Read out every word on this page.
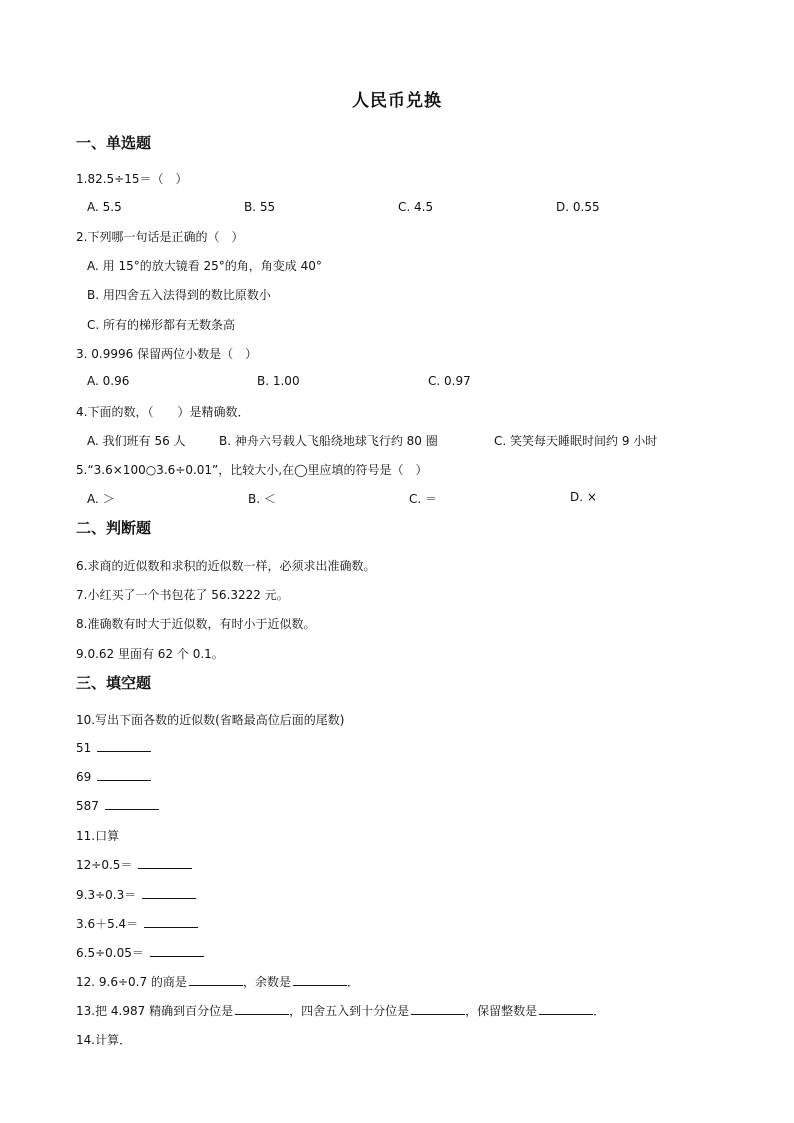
人民币兑换
一、单选题
1.82.5÷15＝（　）
A. 5.5	B. 55	C. 4.5	D. 0.55
2.下列哪一句话是正确的（　）
A. 用 15°的放大镜看 25°的角，角变成 40°
B. 用四舍五入法得到的数比原数小
C. 所有的梯形都有无数条高
3. 0.9996 保留两位小数是（　）
A. 0.96	B. 1.00	C. 0.97
4.下面的数，（　　）是精确数．
A. 我们班有 56 人	B. 神舟六号载人飞船绕地球飞行约 80 圈	C. 笑笑每天睡眠时间约 9 小时
5.“3.6×100○3.6÷0.01”，比较大小,在◯里应填的符号是（　）
A. ＞	B. ＜	C. ＝	D. ×
二、判断题
6.求商的近似数和求积的近似数一样，必须求出准确数。
7.小红买了一个书包花了 56.3222 元。
8.准确数有时大于近似数，有时小于近似数。
9.0.62 里面有 62 个 0.1。
三、填空题
10.写出下面各数的近似数(省略最高位后面的尾数)
51
69
587
11.口算
12÷0.5＝
9.3÷0.3＝
3.6＋5.4＝
6.5÷0.05＝
12. 9.6÷0.7 的商是	，余数是	．
13.把 4.987 精确到百分位是	，四舍五入到十分位是	，保留整数是	．
14.计算．
